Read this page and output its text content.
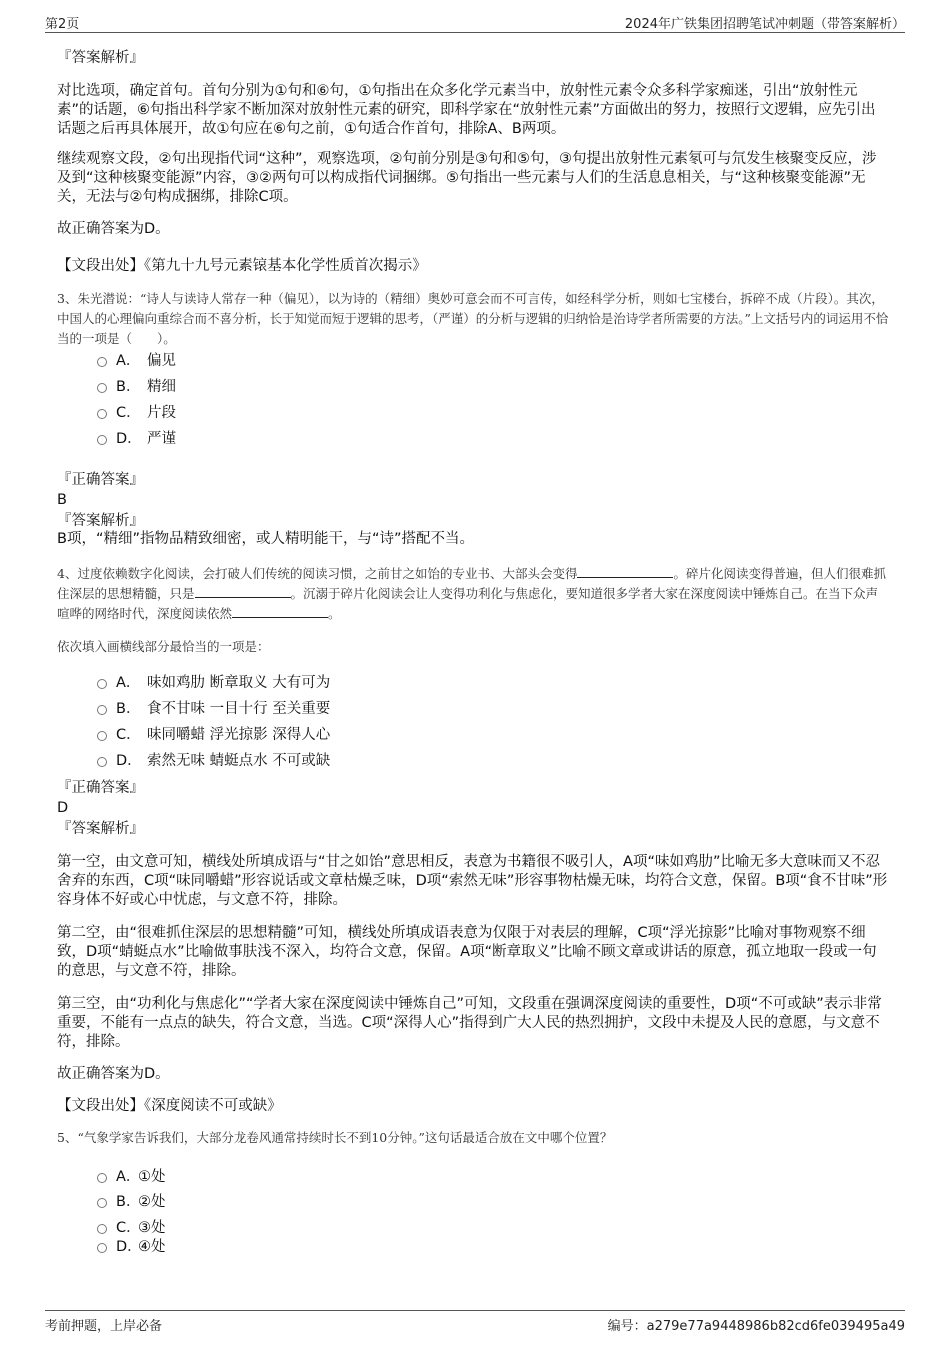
第2页	2024年广铁集团招聘笔试冲刺题（带答案解析）
『答案解析』

对比选项，确定首句。首句分别为①句和⑥句，①句指出在众多化学元素当中，放射性元素令众多科学家痴迷，引出“放射性元素”的话题，⑥句指出科学家不断加深对放射性元素的研究，即科学家在“放射性元素”方面做出的努力，按照行文逻辑，应先引出话题之后再具体展开，故①句应在⑥句之前，①句适合作首句，排除A、B两项。

继续观察文段，②句出现指代词“这种”，观察选项，②句前分别是③句和⑤句，③句提出放射性元素氡可与氘发生核聚变反应，涉及到“这种核聚变能源”内容，③②两句可以构成指代词捆绑。⑤句指出一些元素与人们的生活息息相关，与“这种核聚变能源”无关，无法与②句构成捆绑，排除C项。

故正确答案为D。
【文段出处】《第九十九号元素锿基本化学性质首次揭示》

3、朱光潜说：“诗人与读诗人常存一种（偏见），以为诗的（精细）奥妙可意会而不可言传，如经科学分析，则如七宝楼台，拆碎不成（片段）。其次，中国人的心理偏向重综合而不喜分析，长于知觉而短于逻辑的思考，（严谨）的分析与逻辑的归纳恰是治诗学者所需要的方法。”上文括号内的词运用不恰当的一项是（　　）。

A． 偏见
B． 精细
C． 片段
D． 严谨
『正确答案』
B
『答案解析』
B项，“精细”指物品精致细密，或人精明能干，与“诗”搭配不当。

4、过度依赖数字化阅读，会打破人们传统的阅读习惯，之前甘之如饴的专业书、大部头会变得	。碎片化阅读变得普遍，但人们很难抓住深层的思想精髓，只是	。沉溺于碎片化阅读会让人变得功利化与焦虑化，要知道很多学者大家在深度阅读中锤炼自己。在当下众声喧哗的网络时代，深度阅读依然	。

依次填入画横线部分最恰当的一项是：
A． 味如鸡肋 断章取义 大有可为
B． 食不甘味 一目十行 至关重要
C． 味同嚼蜡 浮光掠影 深得人心
D． 索然无味 蜻蜓点水 不可或缺
『正确答案』
D
『答案解析』

第一空，由文意可知，横线处所填成语与“甘之如饴”意思相反，表意为书籍很不吸引人，A项“味如鸡肋”比喻无多大意味而又不忍舍弃的东西，C项“味同嚼蜡”形容说话或文章枯燥乏味，D项“索然无味”形容事物枯燥无味，均符合文意，保留。B项“食不甘味”形容身体不好或心中忧虑，与文意不符，排除。

第二空，由“很难抓住深层的思想精髓”可知，横线处所填成语表意为仅限于对表层的理解，C项“浮光掠影”比喻对事物观察不细致，D项“蜻蜓点水”比喻做事肤浅不深入，均符合文意，保留。A项“断章取义”比喻不顾文章或讲话的原意，孤立地取一段或一句的意思，与文意不符，排除。

第三空，由“功利化与焦虑化”“学者大家在深度阅读中锤炼自己”可知，文段重在强调深度阅读的重要性，D项“不可或缺”表示非常重要，不能有一点点的缺失，符合文意，当选。C项“深得人心”指得到广大人民的热烈拥护，文段中未提及人民的意愿，与文意不符，排除。

故正确答案为D。
【文段出处】《深度阅读不可或缺》

5、“气象学家告诉我们，大部分龙卷风通常持续时长不到10分钟。”这句话最适合放在文中哪个位置？

A．①处
B．②处
C．③处
D．④处
考前押题，上岸必备	编号：a279e77a9448986b82cd6fe039495a49
